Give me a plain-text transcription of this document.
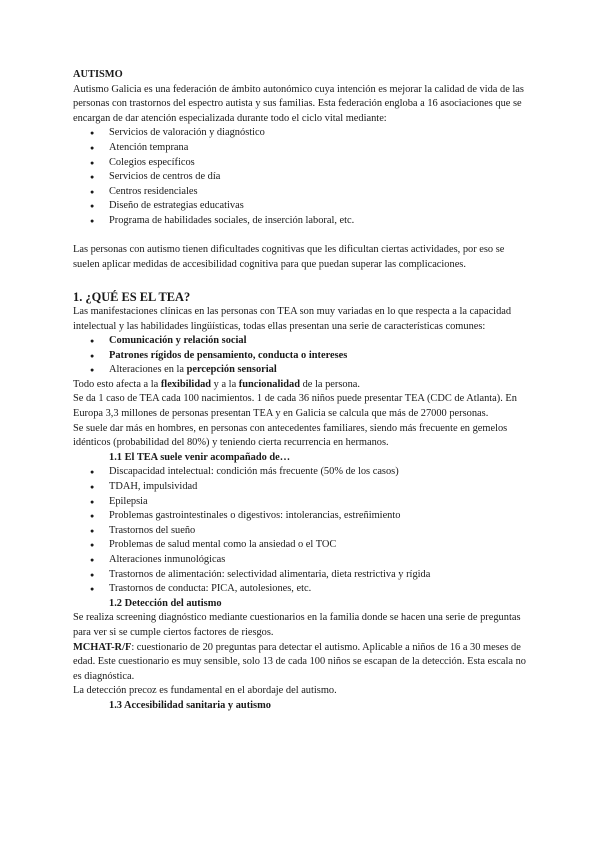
AUTISMO

Autismo Galicia es una federación de ámbito autonómico cuya intención es mejorar la calidad de vida de las personas con trastornos del espectro autista y sus familias. Esta federación engloba a 16 asociaciones que se encargan de dar atención especializada durante todo el ciclo vital mediante:

● Servicios de valoración y diagnóstico
● Atención temprana
● Colegios específicos
● Servicios de centros de día
● Centros residenciales
● Diseño de estrategias educativas
● Programa de habilidades sociales, de inserción laboral, etc.

Las personas con autismo tienen dificultades cognitivas que les dificultan ciertas actividades, por eso se suelen aplicar medidas de accesibilidad cognitiva para que puedan superar las complicaciones.

1. ¿QUÉ ES EL TEA?

Las manifestaciones clínicas en las personas con TEA son muy variadas en lo que respecta a la capacidad intelectual y las habilidades lingüísticas, todas ellas presentan una serie de características comunes:

● Comunicación y relación social
● Patrones rígidos de pensamiento, conducta o intereses
● Alteraciones en la percepción sensorial

Todo esto afecta a la flexibilidad y a la funcionalidad de la persona.

Se da 1 caso de TEA cada 100 nacimientos. 1 de cada 36 niños puede presentar TEA (CDC de Atlanta). En Europa 3,3 millones de personas presentan TEA y en Galicia se calcula que más de 27000 personas.

Se suele dar más en hombres, en personas con antecedentes familiares, siendo más frecuente en gemelos idénticos (probabilidad del 80%) y teniendo cierta recurrencia en hermanos.

1.1 El TEA suele venir acompañado de…

● Discapacidad intelectual: condición más frecuente (50% de los casos)
● TDAH, impulsividad
● Epilepsia
● Problemas gastrointestinales o digestivos: intolerancias, estreñimiento
● Trastornos del sueño
● Problemas de salud mental como la ansiedad o el TOC
● Alteraciones inmunológicas
● Trastornos de alimentación: selectividad alimentaria, dieta restrictiva y rígida
● Trastornos de conducta: PICA, autolesiones, etc.

1.2 Detección del autismo

Se realiza screening diagnóstico mediante cuestionarios en la familia donde se hacen una serie de preguntas para ver si se cumple ciertos factores de riesgos.

MCHAT-R/F: cuestionario de 20 preguntas para detectar el autismo. Aplicable a niños de 16 a 30 meses de edad. Este cuestionario es muy sensible, solo 13 de cada 100 niños se escapan de la detección. Esta escala no es diagnóstica.

La detección precoz es fundamental en el abordaje del autismo.

1.3 Accesibilidad sanitaria y autismo
